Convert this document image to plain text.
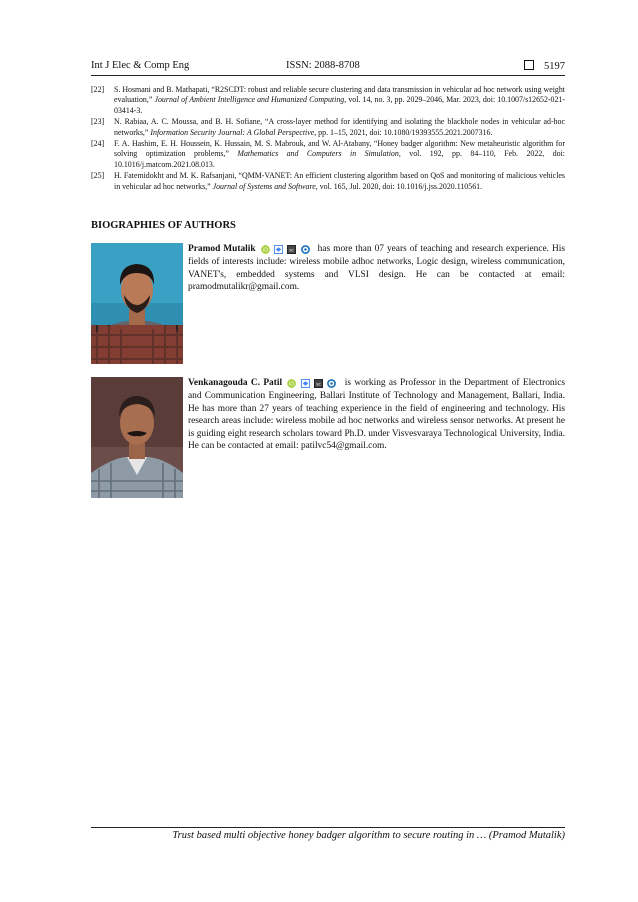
Int J Elec & Comp Eng	ISSN: 2088-8708	5197
[22] S. Hosmani and B. Mathapati, “R2SCDT: robust and reliable secure clustering and data transmission in vehicular ad hoc network using weight evaluation,” Journal of Ambient Intelligence and Humanized Computing, vol. 14, no. 3, pp. 2029–2046, Mar. 2023, doi: 10.1007/s12652-021-03414-3.
[23] N. Rabiaa, A. C. Moussa, and B. H. Sofiane, “A cross-layer method for identifying and isolating the blackhole nodes in vehicular ad-hoc networks,” Information Security Journal: A Global Perspective, pp. 1–15, 2021, doi: 10.1080/19393555.2021.2007316.
[24] F. A. Hashim, E. H. Houssein, K. Hussain, M. S. Mabrouk, and W. Al-Atabany, “Honey badger algorithm: New metaheuristic algorithm for solving optimization problems,” Mathematics and Computers in Simulation, vol. 192, pp. 84–110, Feb. 2022, doi: 10.1016/j.matcom.2021.08.013.
[25] H. Fatemidokht and M. K. Rafsanjani, “QMM-VANET: An efficient clustering algorithm based on QoS and monitoring of malicious vehicles in vehicular ad hoc networks,” Journal of Systems and Software, vol. 165, Jul. 2020, doi: 10.1016/j.jss.2020.110561.
BIOGRAPHIES OF AUTHORS
Pramod Mutalik iD
	sc has more than 07 years of teaching and research experience. His fields of interests include: wireless mobile adhoc networks, Logic design, wireless communication, VANET's, embedded systems and VLSI design. He can be contacted at email: pramodmutalikr@gmail.com.
Venkanagouda C. Patil iD
	sc	is working as Professor in the Department of Electronics and Communication Engineering, Ballari Institute of Technology and Management, Ballari, India. He has more than 27 years of teaching experience in the field of engineering and technology. His research areas include: wireless mobile ad hoc networks and wireless sensor networks. At present he is guiding eight research scholars toward Ph.D. under Visvesvaraya Technological University, India. He can be contacted at email: patilvc54@gmail.com.
Trust based multi objective honey badger algorithm to secure routing in … (Pramod Mutalik)
